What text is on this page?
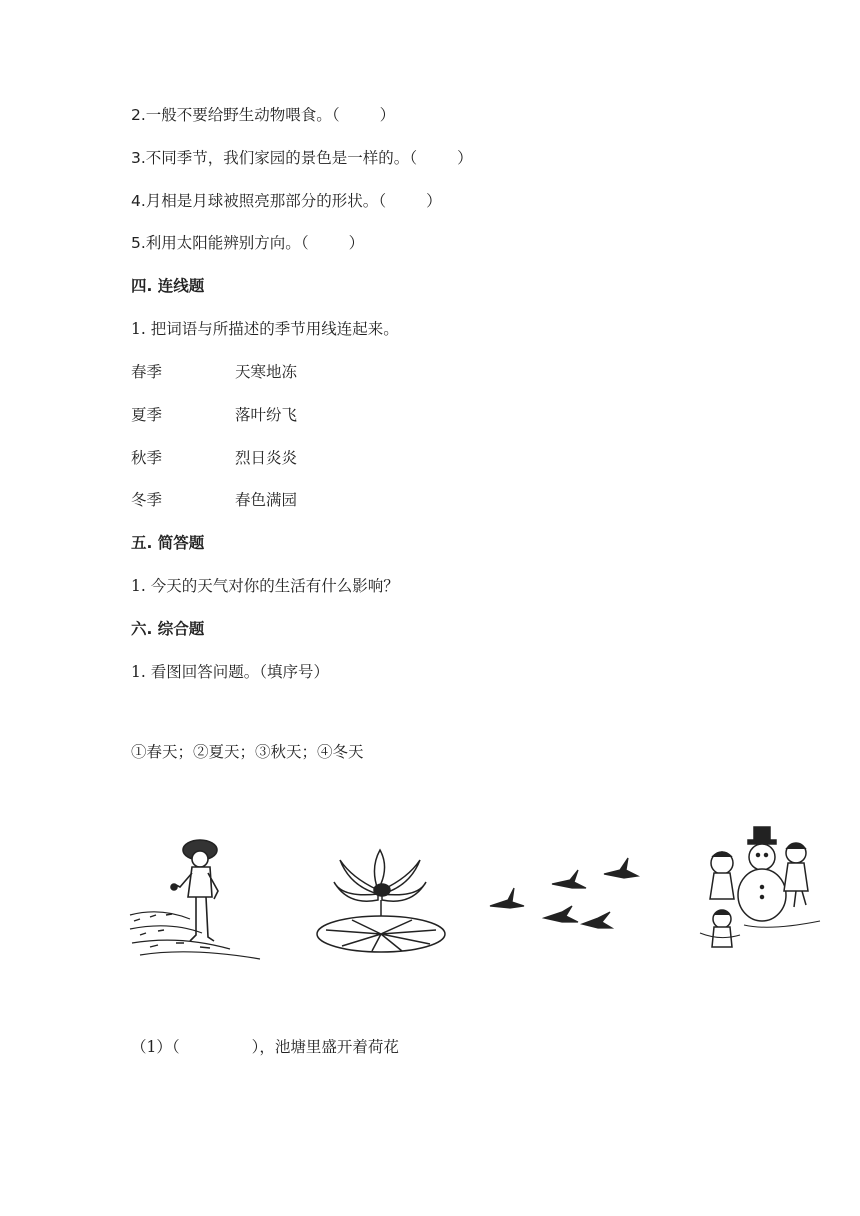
2.一般不要给野生动物喂食。（	）
3.不同季节，我们家园的景色是一样的。（	）
4.月相是月球被照亮那部分的形状。（	）
5.利用太阳能辨别方向。（	）
四. 连线题
1. 把词语与所描述的季节用线连起来。
春季	天寒地冻
夏季	落叶纷飞
秋季	烈日炎炎
冬季	春色满园
五. 简答题
1. 今天的天气对你的生活有什么影响？
六. 综合题
1. 看图回答问题。（填序号）
①春天；②夏天；③秋天；④冬天
（1）（	），池塘里盛开着荷花
